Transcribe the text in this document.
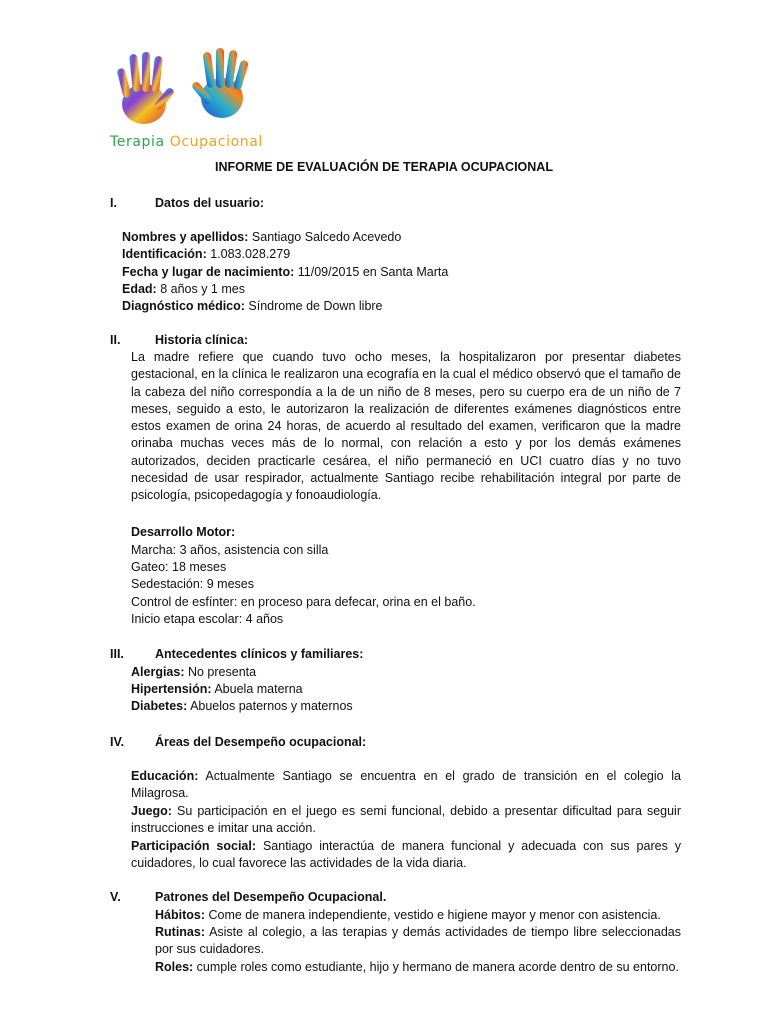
Terapia Ocupacional
INFORME DE EVALUACIÓN DE TERAPIA OCUPACIONAL
I.	Datos del usuario:
Nombres y apellidos: Santiago Salcedo Acevedo
Identificación: 1.083.028.279
Fecha y lugar de nacimiento: 11/09/2015 en Santa Marta
Edad: 8 años y 1 mes
Diagnóstico médico: Síndrome de Down libre
II.	Historia clínica:

La madre refiere que cuando tuvo ocho meses, la hospitalizaron por presentar diabetes gestacional, en la clínica le realizaron una ecografía en la cual el médico observó que el tamaño de la cabeza del niño correspondía a la de un niño de 8 meses, pero su cuerpo era de un niño de 7 meses, seguido a esto, le autorizaron la realización de diferentes exámenes diagnósticos entre estos examen de orina 24 horas, de acuerdo al resultado del examen, verificaron que la madre orinaba muchas veces más de lo normal, con relación a esto y por los demás exámenes autorizados, deciden practicarle cesárea, el niño permaneció en UCI cuatro días y no tuvo necesidad de usar respirador, actualmente Santiago recibe rehabilitación integral por parte de psicología, psicopedagogía y fonoaudiología.

Desarrollo Motor:
Marcha: 3 años, asistencia con silla
Gateo: 18 meses
Sedestación: 9 meses
Control de esfínter: en proceso para defecar, orina en el baño.
Inicio etapa escolar: 4 años
III. Antecedentes clínicos y familiares:
Alergias: No presenta
Hipertensión: Abuela materna
Diabetes: Abuelos paternos y maternos
IV. Áreas del Desempeño ocupacional:

Educación: Actualmente Santiago se encuentra en el grado de transición en el colegio la Milagrosa.

Juego: Su participación en el juego es semi funcional, debido a presentar dificultad para seguir instrucciones e imitar una acción.

Participación social: Santiago interactúa de manera funcional y adecuada con sus pares y cuidadores, lo cual favorece las actividades de la vida diaria.

V.	Patrones del Desempeño Ocupacional.

Hábitos: Come de manera independiente, vestido e higiene mayor y menor con asistencia.

Rutinas: Asiste al colegio, a las terapias y demás actividades de tiempo libre seleccionadas por sus cuidadores.

Roles: cumple roles como estudiante, hijo y hermano de manera acorde dentro de su entorno.
